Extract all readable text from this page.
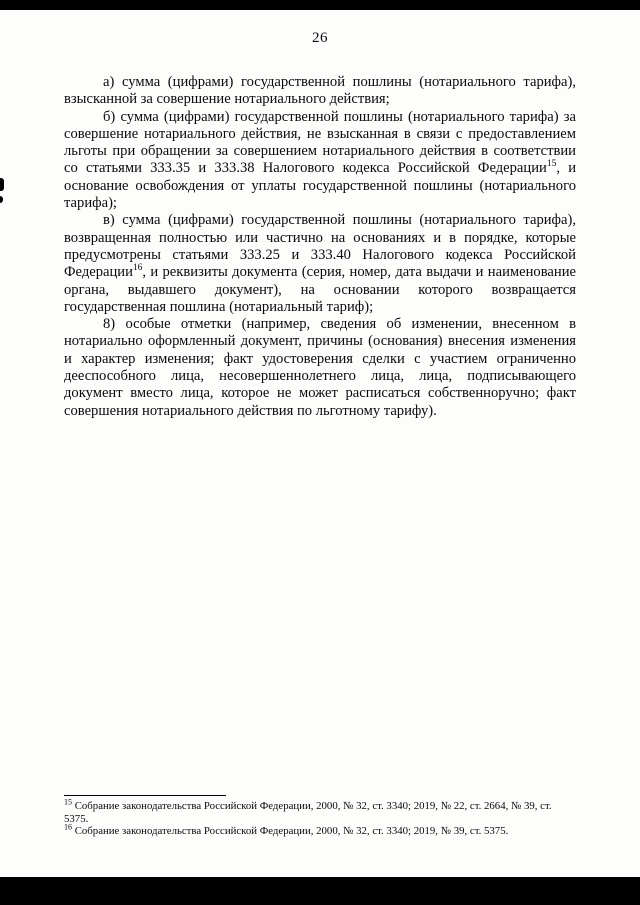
26

а) сумма (цифрами) государственной пошлины (нотариального тарифа), взысканной за совершение нотариального действия;

б) сумма (цифрами) государственной пошлины (нотариального тарифа) за совершение нотариального действия, не взысканная в связи с предоставлением льготы при обращении за совершением нотариального действия в соответствии со статьями 333.35 и 333.38 Налогового кодекса Российской Федерации$^{15}$, и основание освобождения от уплаты государственной пошлины (нотариального тарифа);

в) сумма (цифрами) государственной пошлины (нотариального тарифа), возвращенная полностью или частично на основаниях и в порядке, которые предусмотрены статьями 333.25 и 333.40 Налогового кодекса Российской Федерации$^{16}$, и реквизиты документа (серия, номер, дата выдачи и наименование органа, выдавшего документ), на основании которого возвращается государственная пошлина (нотариальный тариф);

8) особые отметки (например, сведения об изменении, внесенном в нотариально оформленный документ, причины (основания) внесения изменения и характер изменения; факт удостоверения сделки с участием ограниченно дееспособного лица, несовершеннолетнего лица, лица, подписывающего документ вместо лица, которое не может расписаться собственноручно; факт совершения нотариального действия по льготному тарифу).

$^{15}$ Собрание законодательства Российской Федерации, 2000, № 32, ст. 3340; 2019, № 22, ст. 2664, № 39, ст. 5375.

$^{16}$ Собрание законодательства Российской Федерации, 2000, № 32, ст. 3340; 2019, № 39, ст. 5375.
